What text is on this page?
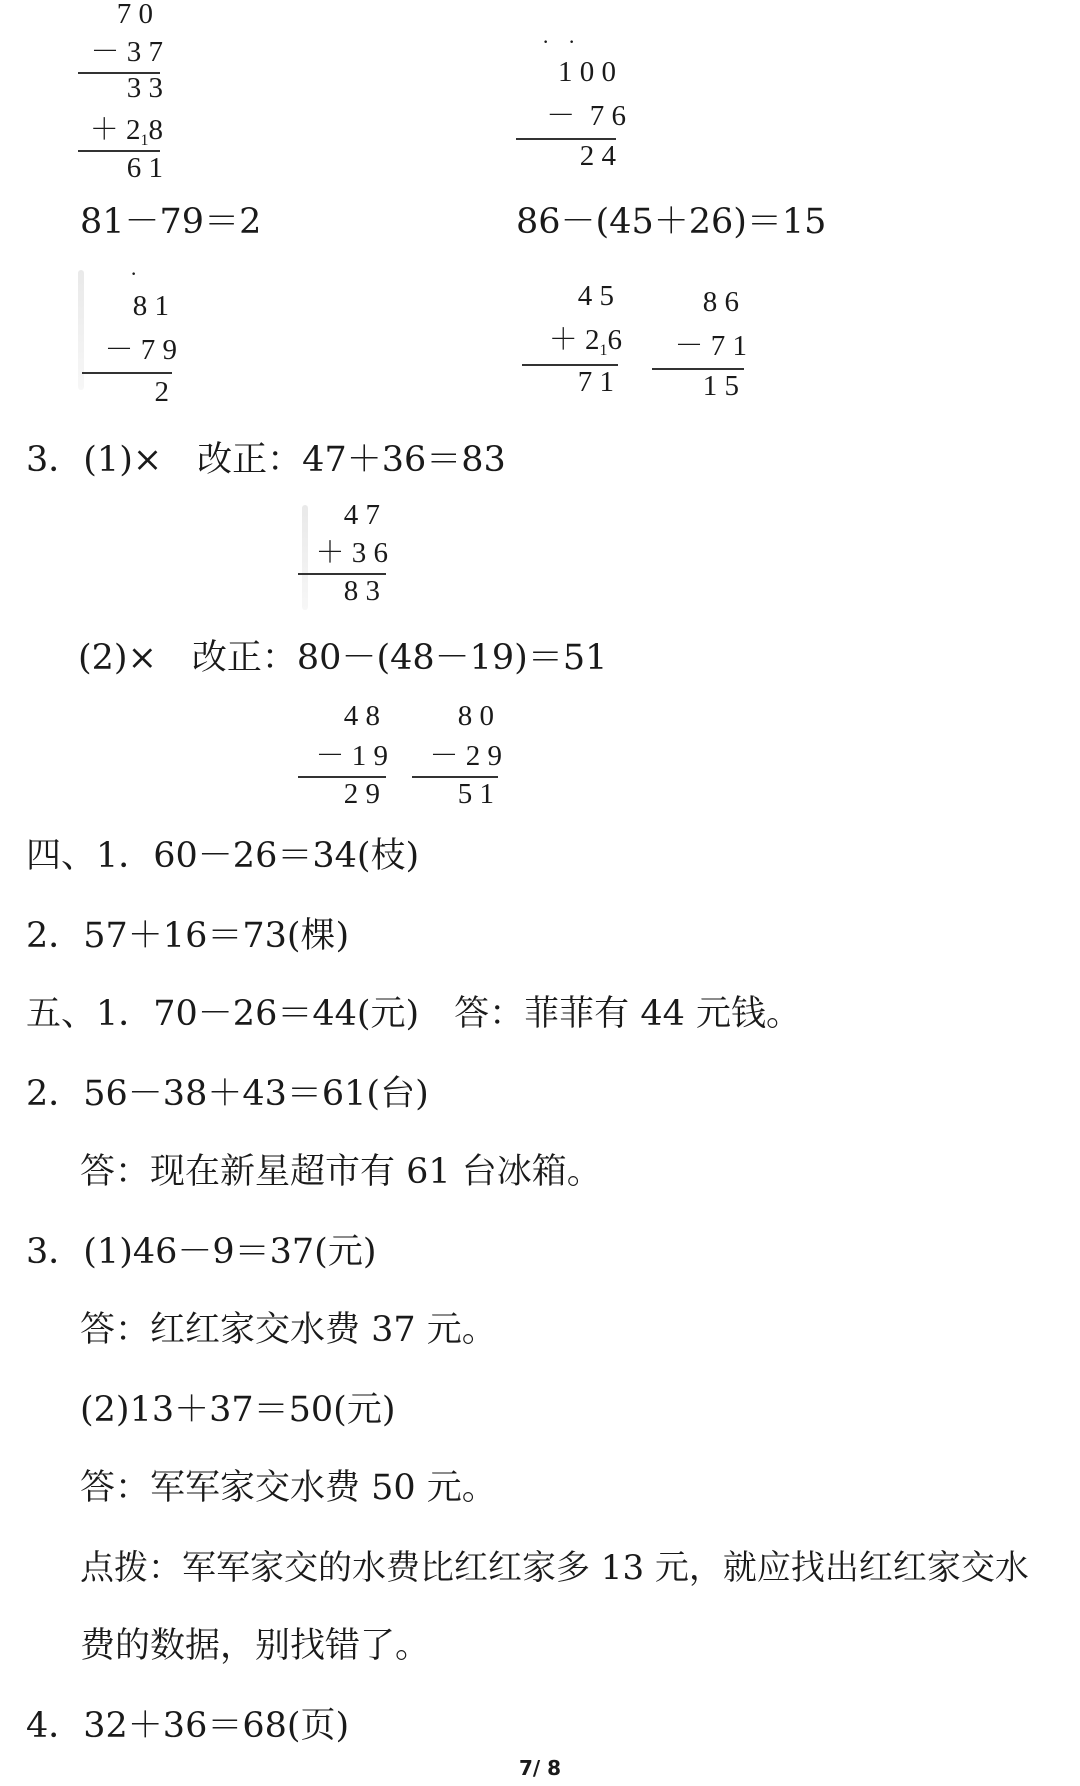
7 0
－ 3 7
3 3
＋ $2_18$
6 1
· ·
1 0 0
－  7 6
2 4
81－79＝2	86－(45＋26)＝15
·
8 1
－ 7 9
2
4 5
＋ $2_16$
7 1
8 6
－ 7 1
1 5
3．(1)×　改正：47＋36＝83
4 7
＋ 3 6
8 3
(2)×　改正：80－(48－19)＝51
4 8
－ 1 9
2 9
8 0
－ 2 9
5 1
四、1．60－26＝34(枝)
2．57＋16＝73(棵)
五、1．70－26＝44(元)　答：菲菲有 44 元钱。
2．56－38＋43＝61(台)
答：现在新星超市有 61 台冰箱。
3．(1)46－9＝37(元)
答：红红家交水费 37 元。
(2)13＋37＝50(元)
答：军军家交水费 50 元。
点拨：军军家交的水费比红红家多 13 元，就应找出红红家交水
费的数据，别找错了。
4．32＋36＝68(页)
7/ 8
